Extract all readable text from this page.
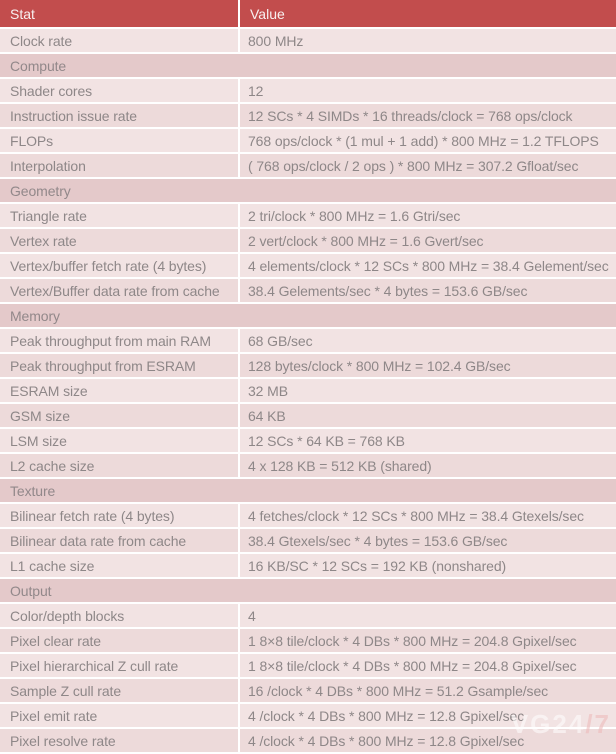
Stat	Value
Clock rate	800 MHz
Compute	
Shader cores	12
Instruction issue rate	12 SCs * 4 SIMDs * 16 threads/clock = 768 ops/clock
FLOPs	768 ops/clock * (1 mul + 1 add) * 800 MHz = 1.2 TFLOPS
Interpolation	( 768 ops/clock / 2 ops ) * 800 MHz = 307.2 Gfloat/sec
Geometry	
Triangle rate	2 tri/clock * 800 MHz = 1.6 Gtri/sec
Vertex rate	2 vert/clock * 800 MHz = 1.6 Gvert/sec
Vertex/buffer fetch rate (4 bytes)	4 elements/clock * 12 SCs * 800 MHz = 38.4 Gelement/sec
Vertex/Buffer data rate from cache	38.4 Gelements/sec * 4 bytes = 153.6 GB/sec
Memory	
Peak throughput from main RAM	68 GB/sec
Peak throughput from ESRAM	128 bytes/clock * 800 MHz = 102.4 GB/sec
ESRAM size	32 MB
GSM size	64 KB
LSM size	12 SCs * 64 KB = 768 KB
L2 cache size	4 x 128 KB = 512 KB (shared)
Texture	
Bilinear fetch rate (4 bytes)	4 fetches/clock * 12 SCs * 800 MHz = 38.4 Gtexels/sec
Bilinear data rate from cache	38.4 Gtexels/sec * 4 bytes = 153.6 GB/sec
L1 cache size	16 KB/SC * 12 SCs = 192 KB (nonshared)
Output	
Color/depth blocks	4
Pixel clear rate	1 8×8 tile/clock * 4 DBs * 800 MHz = 204.8 Gpixel/sec
Pixel hierarchical Z cull rate	1 8×8 tile/clock * 4 DBs * 800 MHz = 204.8 Gpixel/sec
Sample Z cull rate	16 /clock * 4 DBs * 800 MHz = 51.2 Gsample/sec
Pixel emit rate	4 /clock * 4 DBs * 800 MHz = 12.8 Gpixel/sec
Pixel resolve rate	4 /clock * 4 DBs * 800 MHz = 12.8 Gpixel/sec
VG24/7
